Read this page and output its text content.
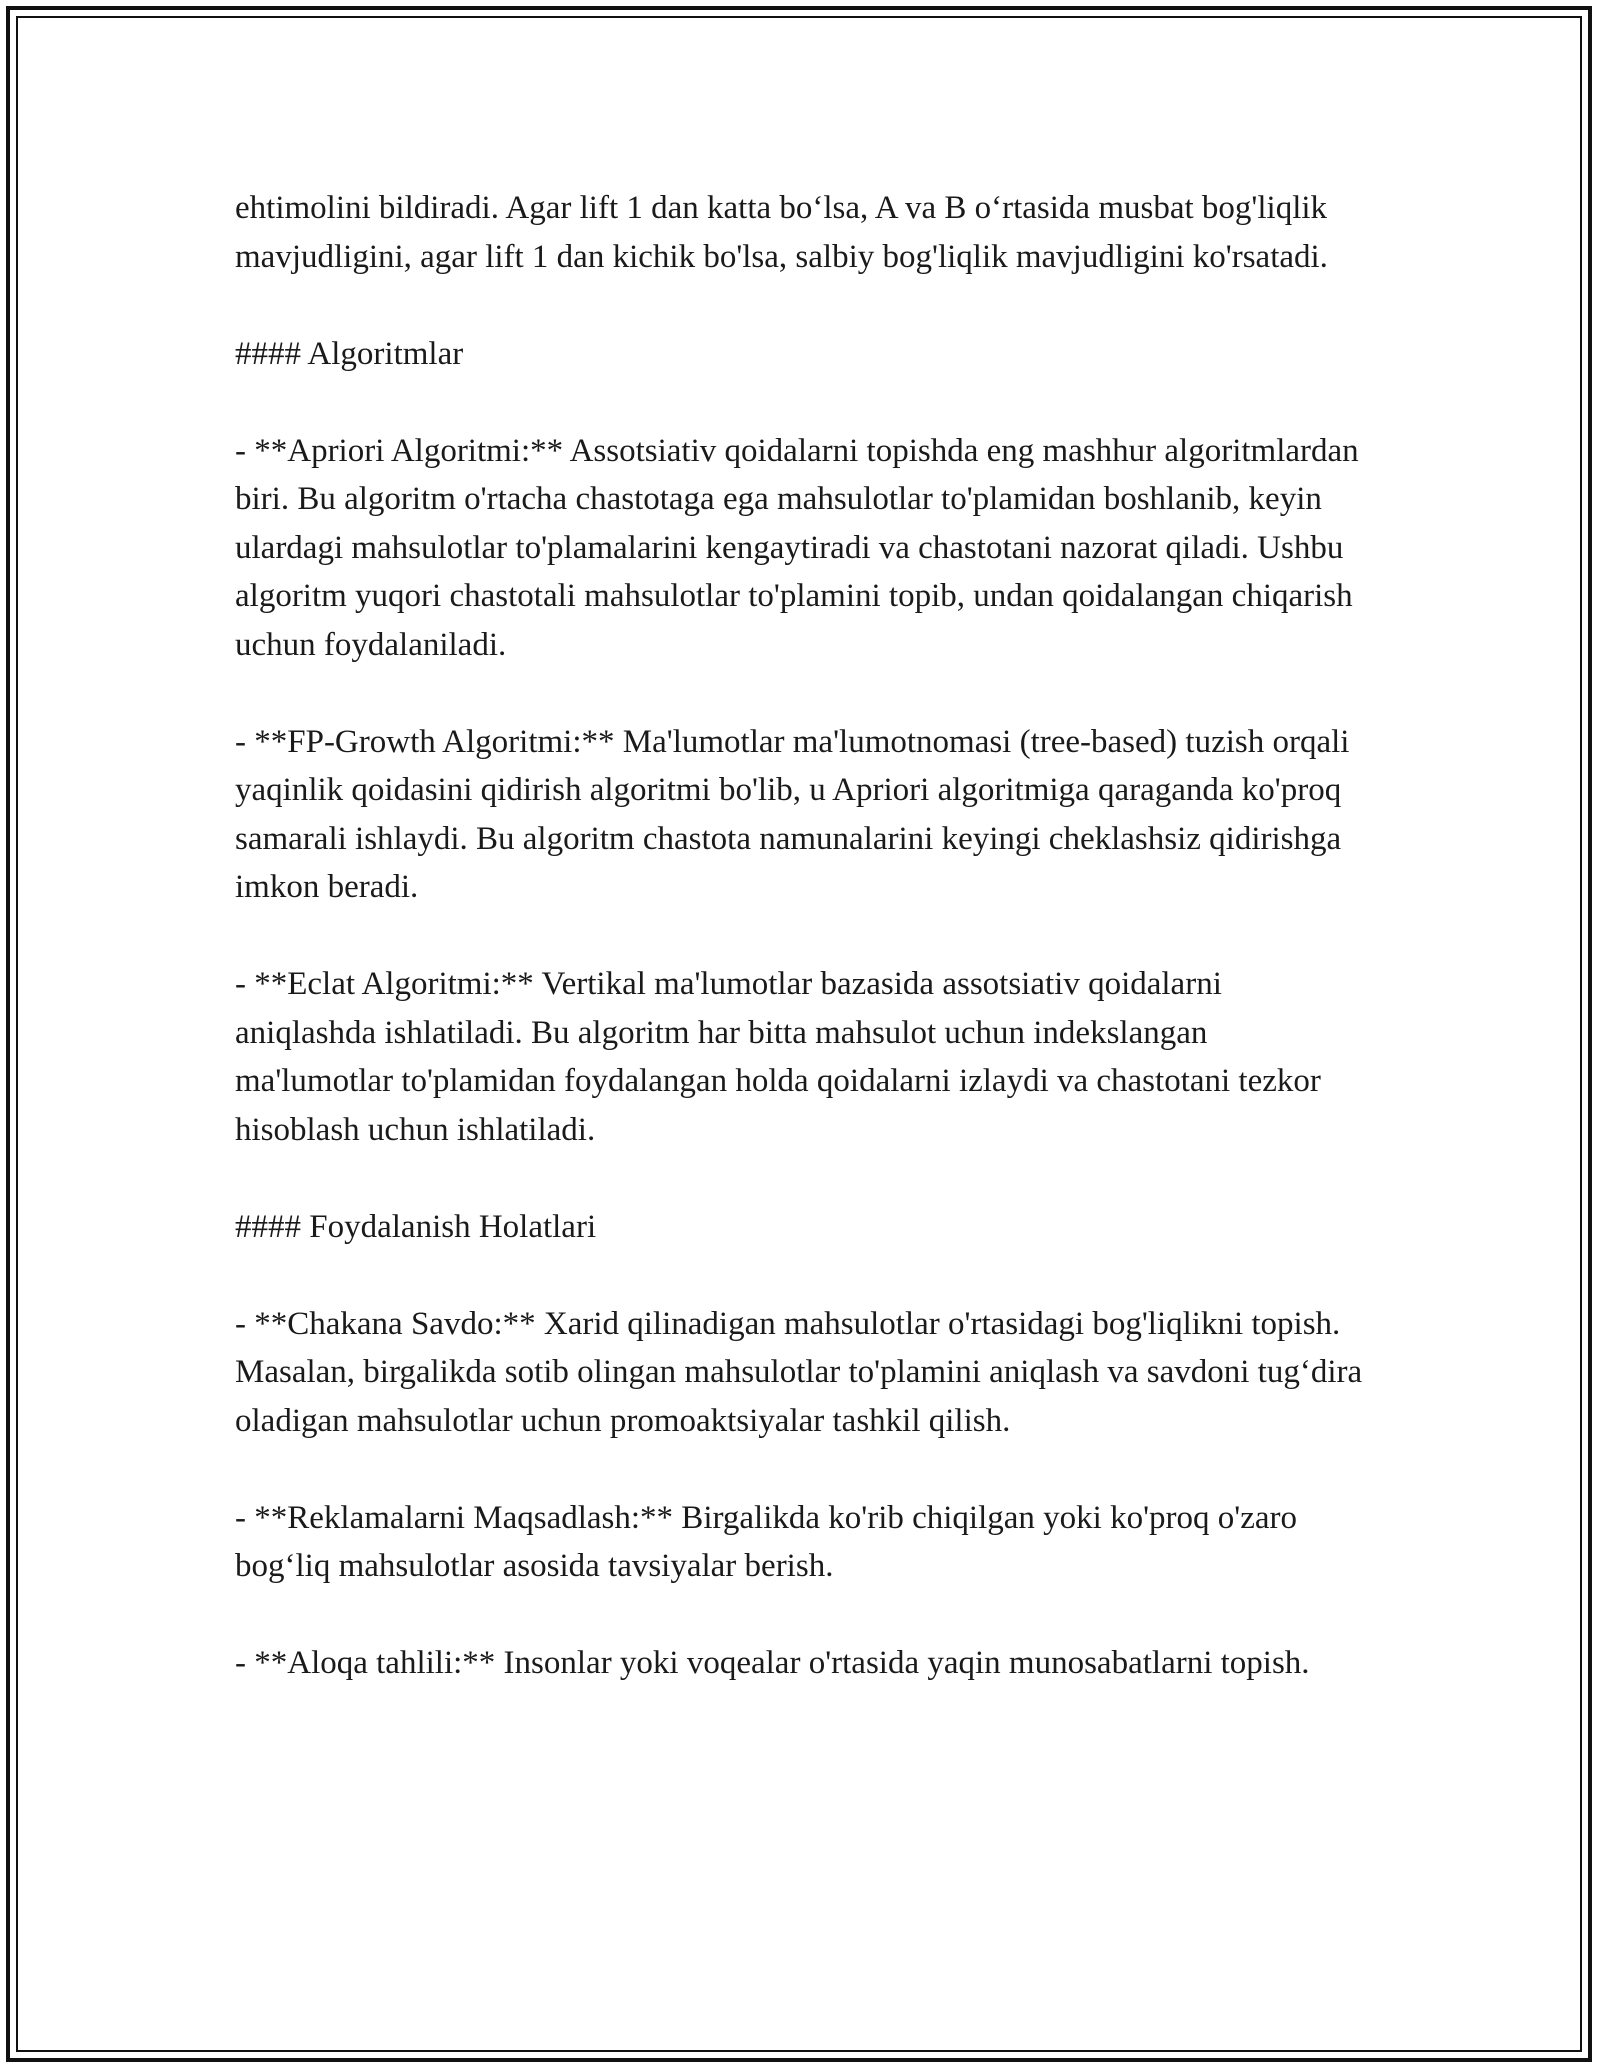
ehtimolini bildiradi. Agar lift 1 dan katta bo‘lsa, A va B o‘rtasida musbat bog'liqlik mavjudligini, agar lift 1 dan kichik bo'lsa, salbiy bog'liqlik mavjudligini ko'rsatadi.

#### Algoritmlar

- **Apriori Algoritmi:** Assotsiativ qoidalarni topishda eng mashhur algoritmlardan biri. Bu algoritm o'rtacha chastotaga ega mahsulotlar to'plamidan boshlanib, keyin ulardagi mahsulotlar to'plamalarini kengaytiradi va chastotani nazorat qiladi. Ushbu algoritm yuqori chastotali mahsulotlar to'plamini topib, undan qoidalangan chiqarish uchun foydalaniladi.

- **FP-Growth Algoritmi:** Ma'lumotlar ma'lumotnomasi (tree-based) tuzish orqali yaqinlik qoidasini qidirish algoritmi bo'lib, u Apriori algoritmiga qaraganda ko'proq samarali ishlaydi. Bu algoritm chastota namunalarini keyingi cheklashsiz qidirishga imkon beradi.

- **Eclat Algoritmi:** Vertikal ma'lumotlar bazasida assotsiativ qoidalarni aniqlashda ishlatiladi. Bu algoritm har bitta mahsulot uchun indekslangan ma'lumotlar to'plamidan foydalangan holda qoidalarni izlaydi va chastotani tezkor hisoblash uchun ishlatiladi.

#### Foydalanish Holatlari

- **Chakana Savdo:** Xarid qilinadigan mahsulotlar o'rtasidagi bog'liqlikni topish. Masalan, birgalikda sotib olingan mahsulotlar to'plamini aniqlash va savdoni tug‘dira oladigan mahsulotlar uchun promoaktsiyalar tashkil qilish.

- **Reklamalarni Maqsadlash:** Birgalikda ko'rib chiqilgan yoki ko'proq o'zaro bog‘liq mahsulotlar asosida tavsiyalar berish.

- **Aloqa tahlili:** Insonlar yoki voqealar o'rtasida yaqin munosabatlarni topish.
